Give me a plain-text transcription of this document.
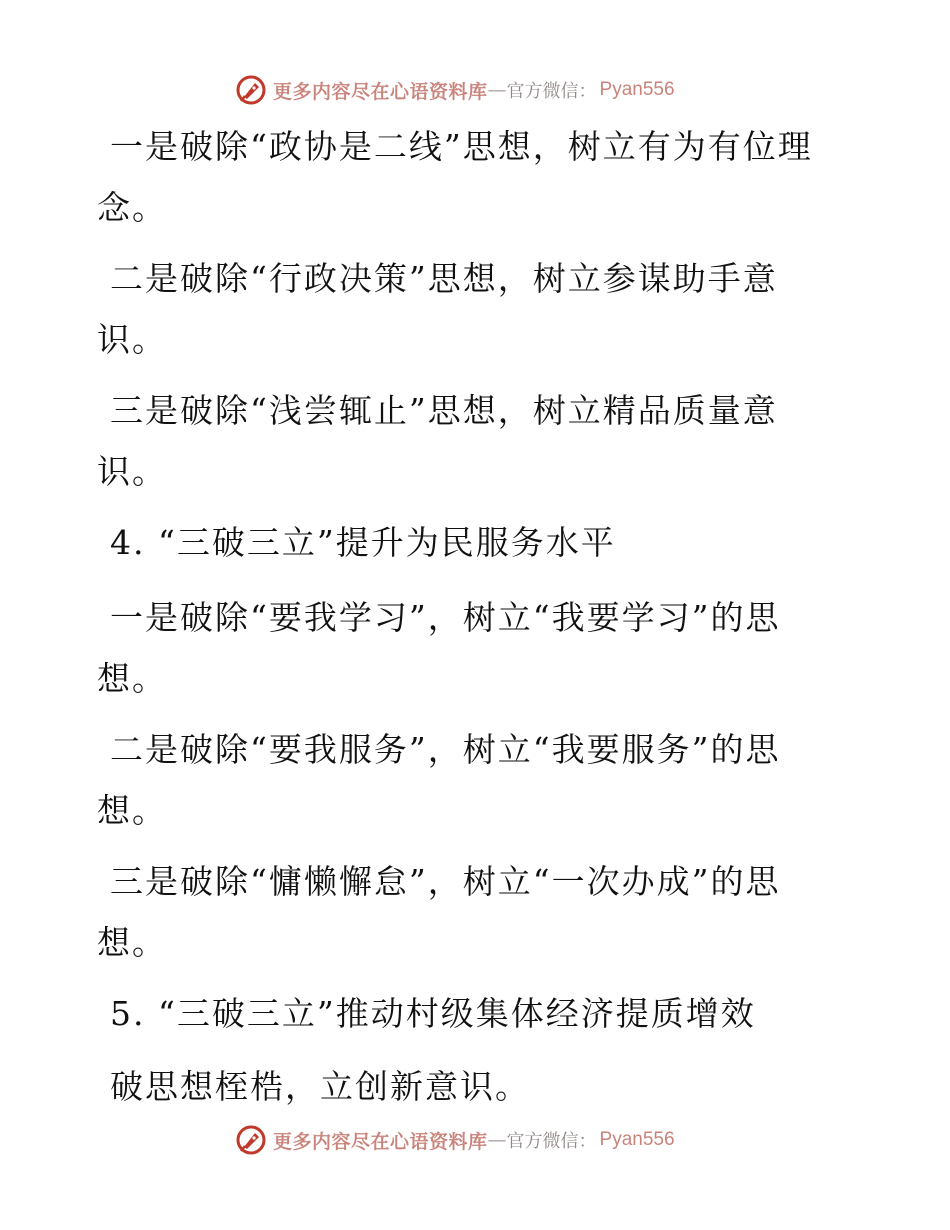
更多内容尽在心语资料库 — 官方微信： Pyan556
一是破除“政协是二线”思想，树立有为有位理
念。
二是破除“行政决策”思想，树立参谋助手意
识。
三是破除“浅尝辄止”思想，树立精品质量意
识。
4. “三破三立”提升为民服务水平
一是破除“要我学习”，树立“我要学习”的思
想。
二是破除“要我服务”，树立“我要服务”的思
想。
三是破除“慵懒懈怠”，树立“一次办成”的思
想。
5. “三破三立”推动村级集体经济提质增效
破思想桎梏，立创新意识。
更多内容尽在心语资料库 — 官方微信： Pyan556
